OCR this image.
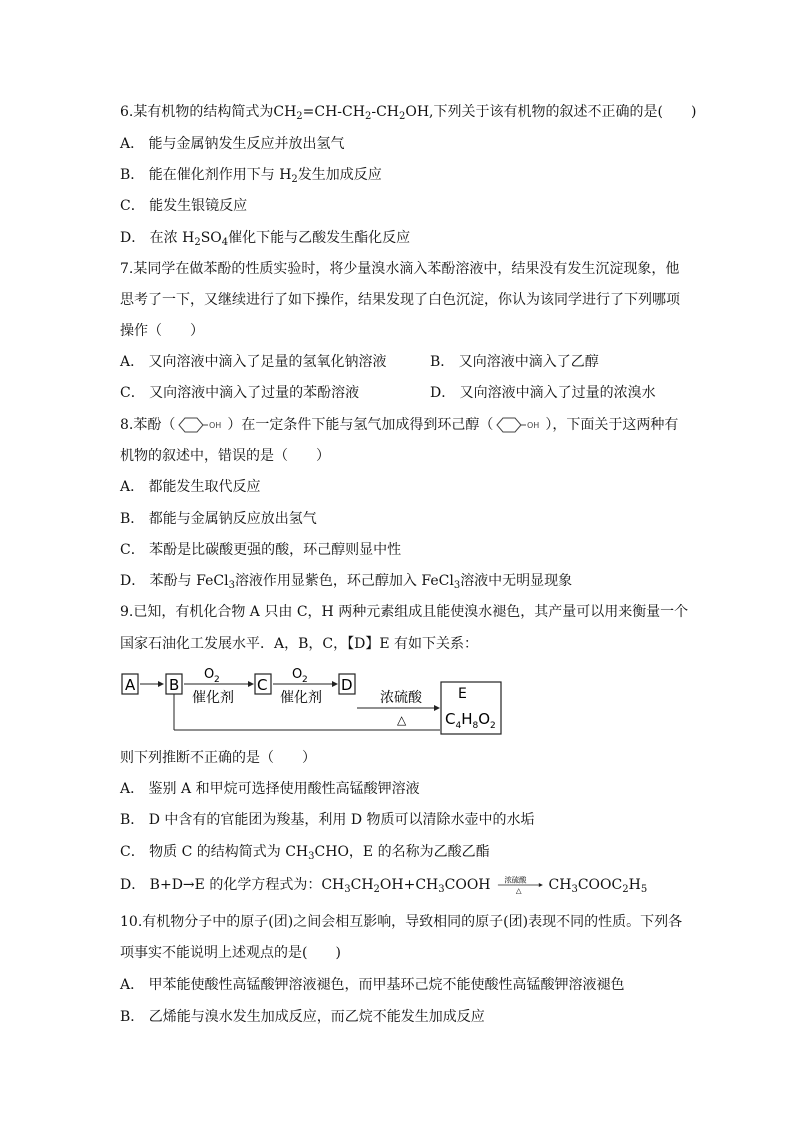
6.某有机物的结构简式为$CH_2=CH-CH_2-CH_2OH$,下列关于该有机物的叙述不正确的是(　　)
A． 能与金属钠发生反应并放出氢气
B． 能在催化剂作用下与 $H_2$发生加成反应
C． 能发生银镜反应
D． 在浓 $H_2SO_4$催化下能与乙酸发生酯化反应
7.某同学在做苯酚的性质实验时，将少量溴水滴入苯酚溶液中，结果没有发生沉淀现象，他
思考了一下，又继续进行了如下操作，结果发现了白色沉淀，你认为该同学进行了下列哪项
操作（　　）
A． 又向溶液中滴入了足量的氢氧化钠溶液	B． 又向溶液中滴入了乙醇
C． 又向溶液中滴入了过量的苯酚溶液	D． 又向溶液中滴入了过量的浓溴水
8.苯酚（	OH ）在一定条件下能与氢气加成得到环己醇（	OH ），下面关于这两种有
机物的叙述中，错误的是（　　）
A． 都能发生取代反应
B． 都能与金属钠反应放出氢气
C． 苯酚是比碳酸更强的酸，环己醇则显中性
D． 苯酚与 FeCl$_3$溶液作用显紫色，环己醇加入 FeCl$_3$溶液中无明显现象
9.已知，有机化合物 A 只由 C，H 两种元素组成且能使溴水褪色，其产量可以用来衡量一个
国家石油化工发展水平．A，B，C，【D】E 有如下关系：
A B
O 2
催化剂
C
O 2
催化剂
D
浓硫酸
△
E
$C_4H_8O_2$
则下列推断不正确的是（　　）
A． 鉴别 A 和甲烷可选择使用酸性高锰酸钾溶液
B． D 中含有的官能团为羧基，利用 D 物质可以清除水壶中的水垢
C． 物质 C 的结构简式为 $CH_3CHO$，E 的名称为乙酸乙酯
D． B+D→E 的化学方程式为：$CH_3CH_2OH+CH_3COOH$ 浓硫酸
△ $CH_3COOC_2H_5$
10.有机物分子中的原子(团)之间会相互影响，导致相同的原子(团)表现不同的性质。下列各
项事实不能说明上述观点的是(　　)
A． 甲苯能使酸性高锰酸钾溶液褪色，而甲基环己烷不能使酸性高锰酸钾溶液褪色
B． 乙烯能与溴水发生加成反应，而乙烷不能发生加成反应
